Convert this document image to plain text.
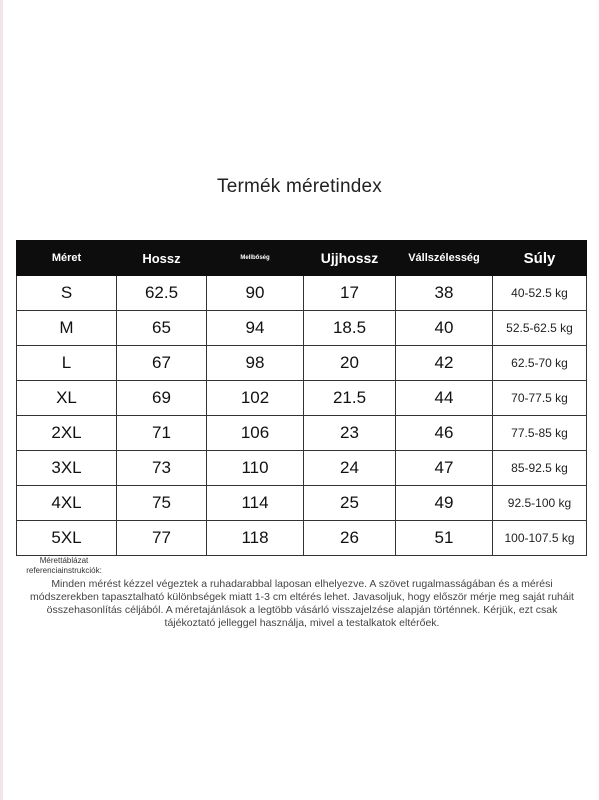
Termék méretindex
Méret	Hossz	Mellbőség	Ujjhossz	Vállszélesség	Súly
S	62.5	90	17	38	40-52.5 kg
M	65	94	18.5	40	52.5-62.5 kg
L	67	98	20	42	62.5-70 kg
XL	69	102	21.5	44	70-77.5 kg
2XL	71	106	23	46	77.5-85 kg
3XL	73	110	24	47	85-92.5 kg
4XL	75	114	25	49	92.5-100 kg
5XL	77	118	26	51	100-107.5 kg
Mérettáblázat referenciainstrukciók:
Minden mérést kézzel végeztek a ruhadarabbal laposan elhelyezve. A szövet rugalmasságában és a mérési módszerekben tapasztalható különbségek miatt 1-3 cm eltérés lehet. Javasoljuk, hogy először mérje meg saját ruháit összehasonlítás céljából. A méretajánlások a legtöbb vásárló visszajelzése alapján történnek. Kérjük, ezt csak tájékoztató jelleggel használja, mivel a testalkatok eltérőek.
